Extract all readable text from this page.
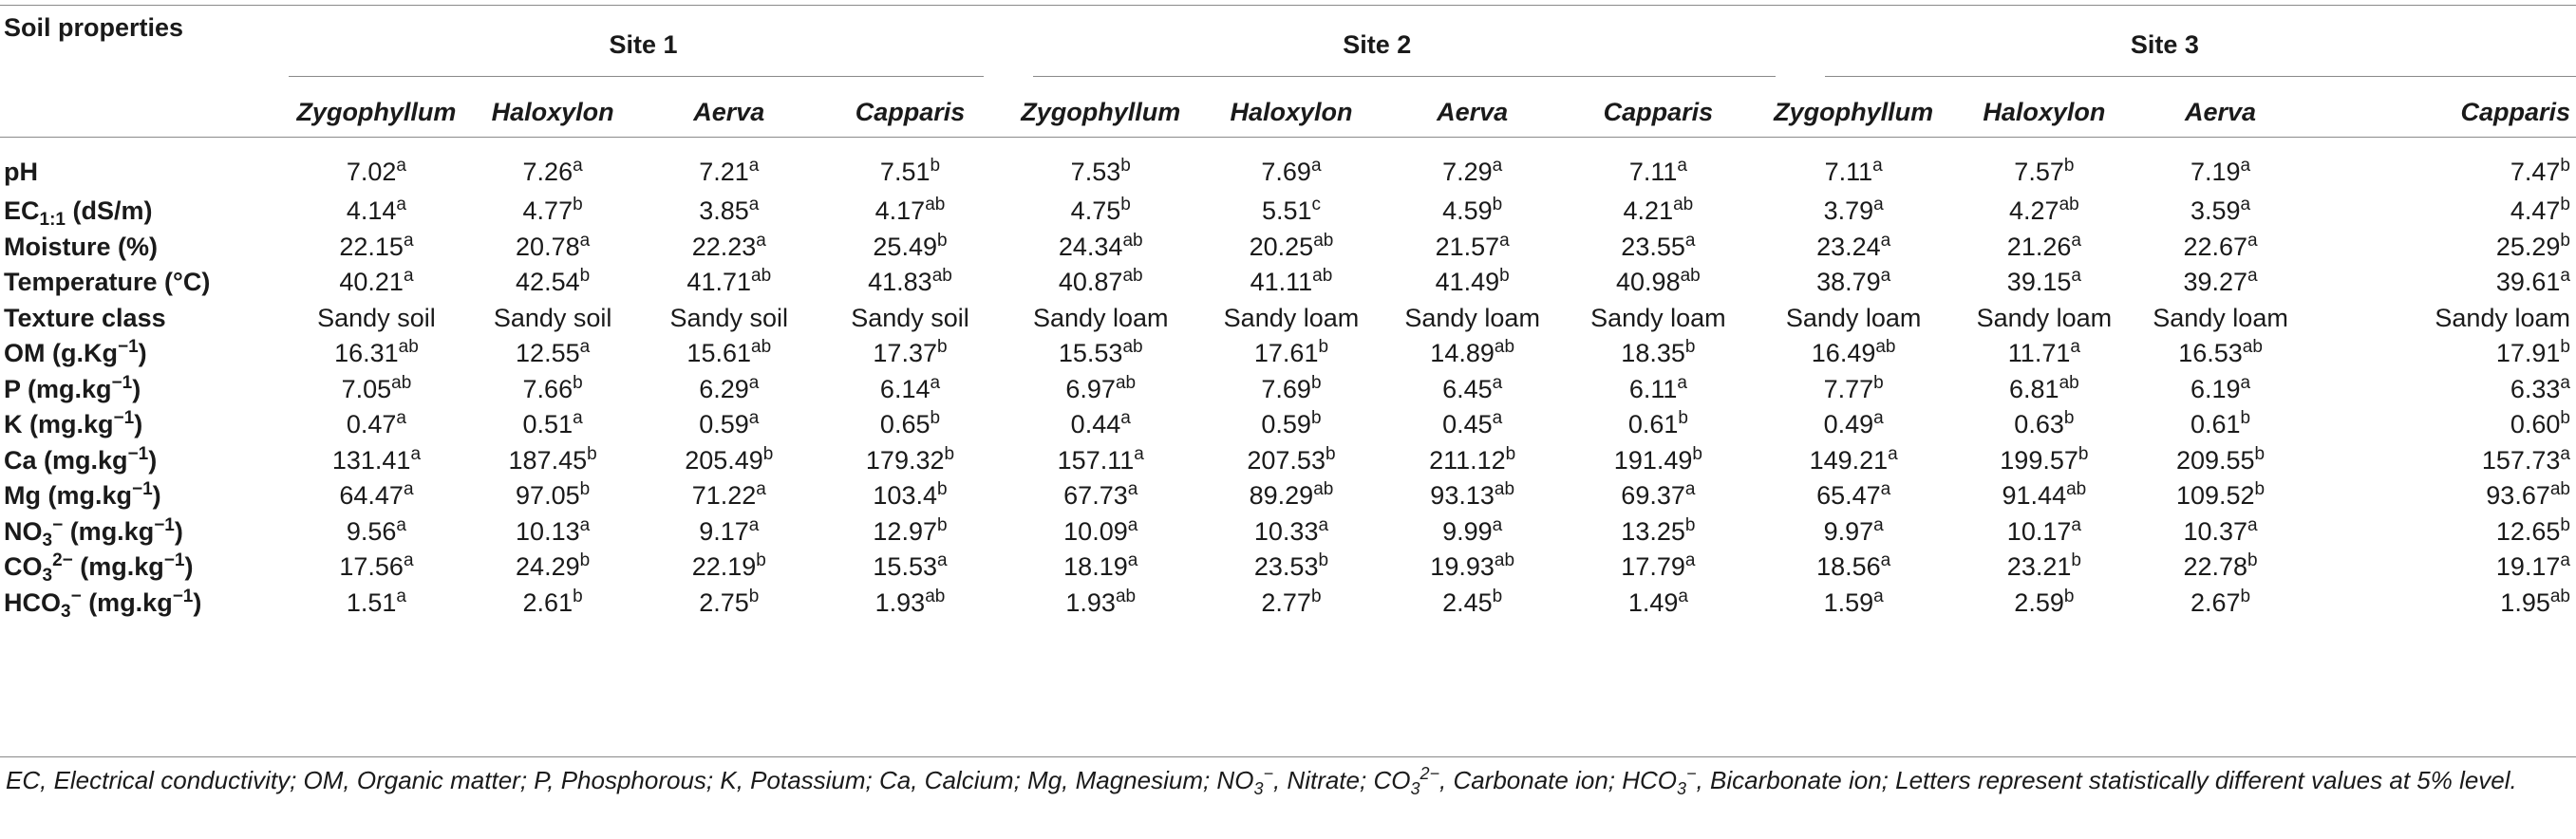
Soil properties	Site 1				Site 2				Site 3			
	Zygophyllum	Haloxylon	Aerva	Capparis	Zygophyllum	Haloxylon	Aerva	Capparis	Zygophyllum	Haloxylon	Aerva	Capparis
pH	7.02$^a$	7.26$^a$	7.21$^a$	7.51$^b$	7.53$^b$	7.69$^a$	7.29$^a$	7.11$^a$	7.11$^a$	7.57$^b$	7.19$^a$	7.47$^b$
$EC_{1:1}$ (dS/m)	4.14$^a$	4.77$^b$	3.85$^a$	4.17$^{ab}$	4.75$^b$	5.51$^c$	4.59$^b$	4.21$^{ab}$	3.79$^a$	4.27$^{ab}$	3.59$^a$	4.47$^b$
Moisture (%)	22.15$^a$	20.78$^a$	22.23$^a$	25.49$^b$	24.34$^{ab}$	20.25$^{ab}$	21.57$^a$	23.55$^a$	23.24$^a$	21.26$^a$	22.67$^a$	25.29$^b$
Temperature (°C)	40.21$^a$	42.54$^b$	41.71$^{ab}$	41.83$^{ab}$	40.87$^{ab}$	41.11$^{ab}$	41.49$^b$	40.98$^{ab}$	38.79$^a$	39.15$^a$	39.27$^a$	39.61$^a$
Texture class	Sandy soil	Sandy soil	Sandy soil	Sandy soil	Sandy loam	Sandy loam	Sandy loam	Sandy loam	Sandy loam	Sandy loam	Sandy loam	Sandy loam
OM $(g.Kg^{-1})$	16.31$^{ab}$	12.55$^a$	15.61$^{ab}$	17.37$^b$	15.53$^{ab}$	17.61$^b$	14.89$^{ab}$	18.35$^b$	16.49$^{ab}$	11.71$^a$	16.53$^{ab}$	17.91$^b$
P $(mg.kg^{-1})$	7.05$^{ab}$	7.66$^b$	6.29$^a$	6.14$^a$	6.97$^{ab}$	7.69$^b$	6.45$^a$	6.11$^a$	7.77$^b$	6.81$^{ab}$	6.19$^a$	6.33$^a$
K $(mg.kg^{-1})$	0.47$^a$	0.51$^a$	0.59$^a$	0.65$^b$	0.44$^a$	0.59$^b$	0.45$^a$	0.61$^b$	0.49$^a$	0.63$^b$	0.61$^b$	0.60$^b$
Ca $(mg.kg^{-1})$	131.41$^a$	187.45$^b$	205.49$^b$	179.32$^b$	157.11$^a$	207.53$^b$	211.12$^b$	191.49$^b$	149.21$^a$	199.57$^b$	209.55$^b$	157.73$^a$
Mg $(mg.kg^{-1})$	64.47$^a$	97.05$^b$	71.22$^a$	103.4$^b$	67.73$^a$	89.29$^{ab}$	93.13$^{ab}$	69.37$^a$	65.47$^a$	91.44$^{ab}$	109.52$^b$	93.67$^{ab}$
$NO_3^-$ $(mg.kg^{-1})$	9.56$^a$	10.13$^a$	9.17$^a$	12.97$^b$	10.09$^a$	10.33$^a$	9.99$^a$	13.25$^b$	9.97$^a$	10.17$^a$	10.37$^a$	12.65$^b$
$CO_3^{2-}$ $(mg.kg^{-1})$	17.56$^a$	24.29$^b$	22.19$^b$	15.53$^a$	18.19$^a$	23.53$^b$	19.93$^{ab}$	17.79$^a$	18.56$^a$	23.21$^b$	22.78$^b$	19.17$^a$
$HCO_3^-$ $(mg.kg^{-1})$	1.51$^a$	2.61$^b$	2.75$^b$	1.93$^{ab}$	1.93$^{ab}$	2.77$^b$	2.45$^b$	1.49$^a$	1.59$^a$	2.59$^b$	2.67$^b$	1.95$^{ab}$
EC, Electrical conductivity; OM, Organic matter; P, Phosphorous; K, Potassium; Ca, Calcium; Mg, Magnesium; $NO_3^-$, Nitrate; $CO_3^{2-}$, Carbonate ion; $HCO_3^-$, Bicarbonate ion; Letters represent statistically different values at 5% level.
